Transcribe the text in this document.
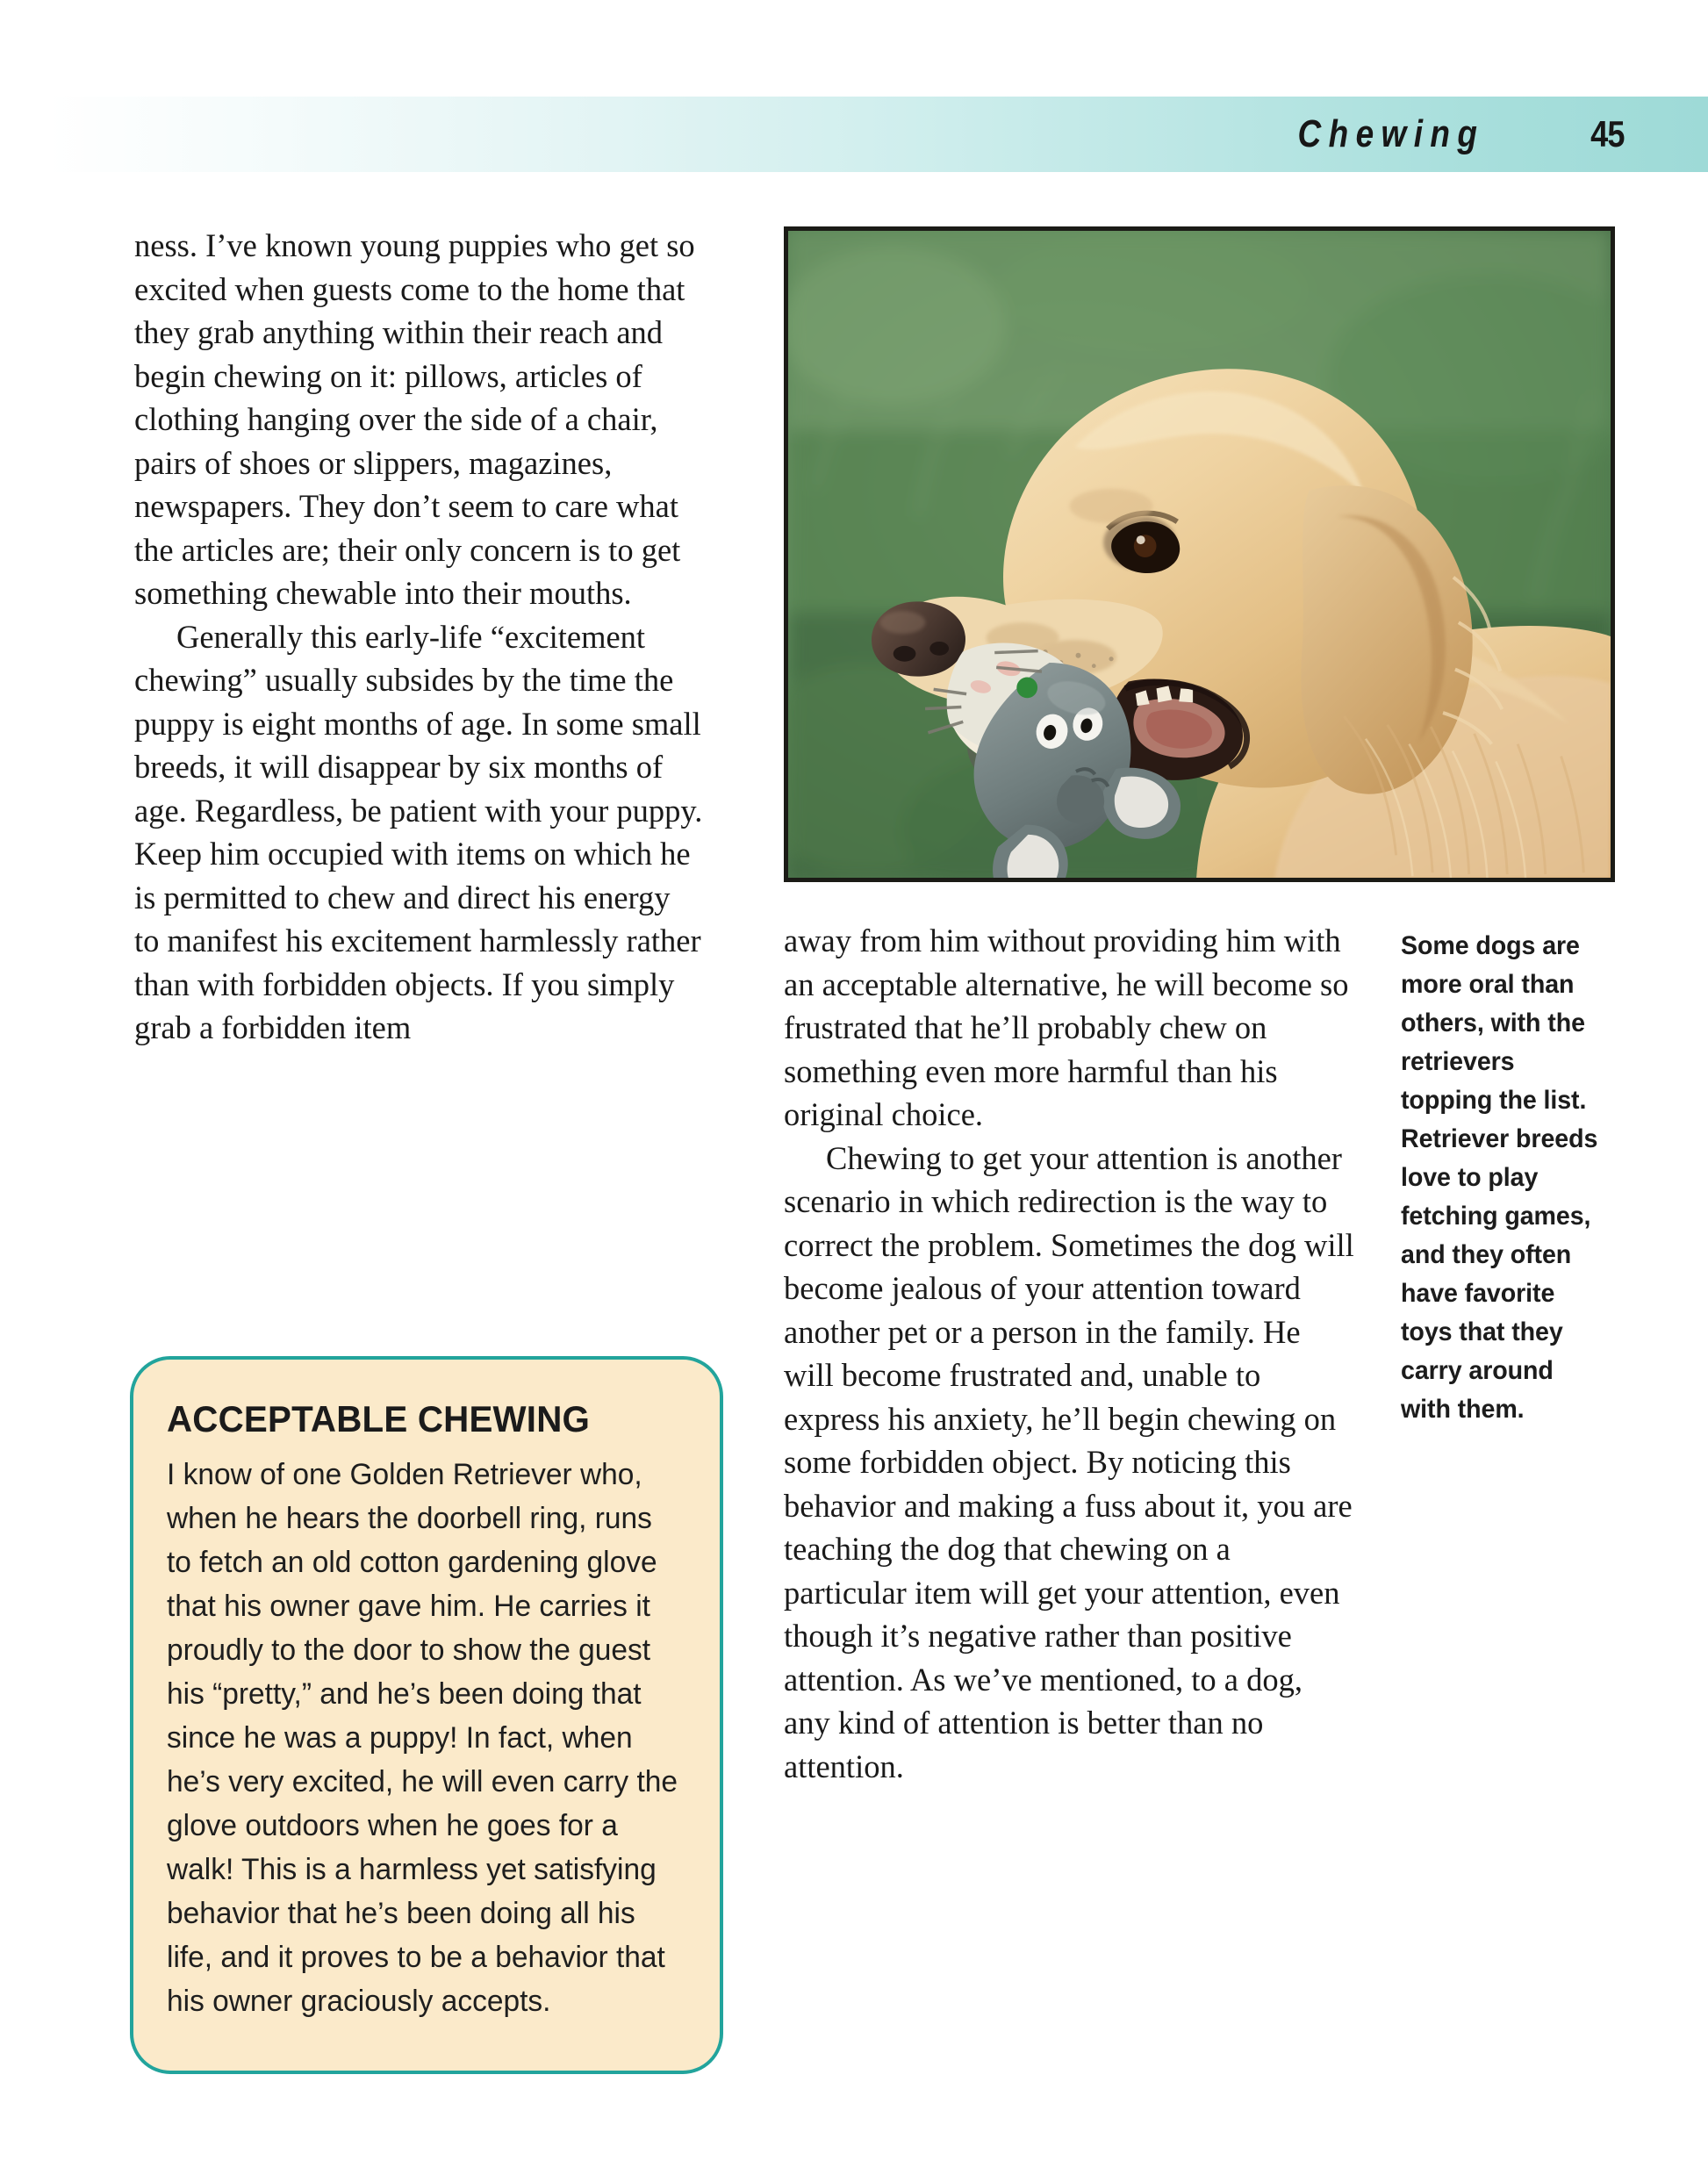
Chewing	45

ness. I’ve known young puppies who get so excited when guests come to the home that they grab anything within their reach and begin chewing on it: pillows, articles of clothing hanging over the side of a chair, pairs of shoes or slippers, magazines, newspapers. They don’t seem to care what the articles are; their only concern is to get something chewable into their mouths.

Generally this early-life “excitement chewing” usually subsides by the time the puppy is eight months of age. In some small breeds, it will disappear by six months of age. Regardless, be patient with your puppy. Keep him occupied with items on which he is permitted to chew and direct his energy to manifest his excitement harmlessly rather than with forbidden objects. If you simply grab a forbidden item

away from him without providing him with an acceptable alternative, he will become so frustrated that he’ll probably chew on something even more harmful than his original choice.

Chewing to get your attention is another scenario in which redirection is the way to correct the problem. Sometimes the dog will become jealous of your attention toward another pet or a person in the family. He will become frustrated and, unable to express his anxiety, he’ll begin chewing on some forbidden object. By noticing this behavior and making a fuss about it, you are teaching the dog that chewing on a particular item will get your attention, even though it’s negative rather than positive attention. As we’ve mentioned, to a dog, any kind of attention is better than no attention.

Some dogs are more oral than others, with the retrievers topping the list. Retriever breeds love to play fetching games, and they often have favorite toys that they carry around with them.
ACCEPTABLE CHEWING

I know of one Golden Retriever who, when he hears the doorbell ring, runs to fetch an old cotton gardening glove that his owner gave him. He carries it proudly to the door to show the guest his “pretty,” and he’s been doing that since he was a puppy! In fact, when he’s very excited, he will even carry the glove outdoors when he goes for a walk! This is a harmless yet satisfying behavior that he’s been doing all his life, and it proves to be a behavior that his owner graciously accepts.
